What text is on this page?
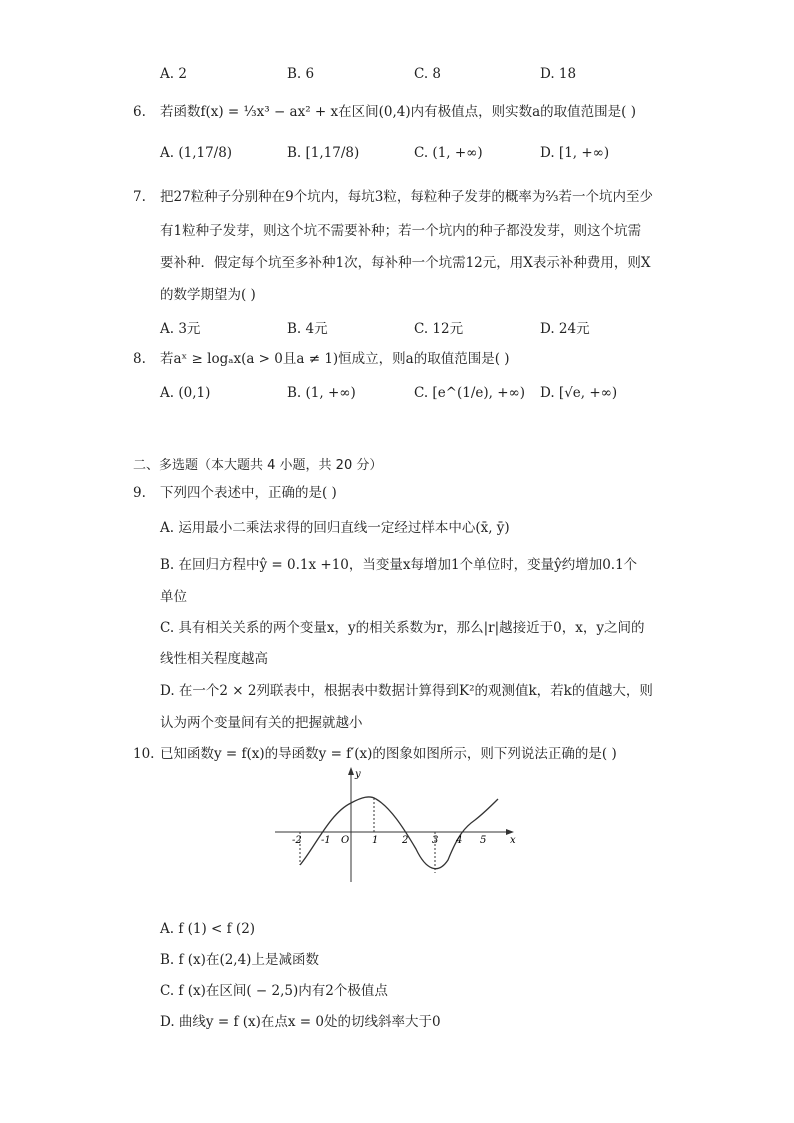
A. 2	B. 6	C. 8	D. 18
6. 若函数f(x) = ⅓x³ − ax² + x在区间(0,4)内有极值点，则实数a的取值范围是( )
A. (1,17/8)	B. [1,17/8)	C. (1, +∞)	D. [1, +∞)
7. 把27粒种子分别种在9个坑内，每坑3粒，每粒种子发芽的概率为⅔若一个坑内至少
有1粒种子发芽，则这个坑不需要补种；若一个坑内的种子都没发芽，则这个坑需
要补种．假定每个坑至多补种1次，每补种一个坑需12元，用X表示补种费用，则X
的数学期望为( )
A. 3元	B. 4元	C. 12元	D. 24元
8. 若aˣ ≥ logₐx(a > 0且a ≠ 1)恒成立，则a的取值范围是( )
A. (0,1)	B. (1, +∞)	C. [e^(1/e), +∞) D. [√e, +∞)
二、多选题（本大题共 4 小题，共 20 分）
9. 下列四个表述中，正确的是( )
A. 运用最小二乘法求得的回归直线一定经过样本中心(x̄, ȳ)
B. 在回归方程中ŷ = 0.1x +10，当变量x每增加1个单位时，变量ŷ约增加0.1个
单位
C. 具有相关关系的两个变量x，y的相关系数为r，那么|r|越接近于0，x，y之间的
线性相关程度越高
D. 在一个2 × 2列联表中，根据表中数据计算得到K²的观测值k，若k的值越大，则
认为两个变量间有关的把握就越小
10. 已知函数y = f(x)的导函数y = f′(x)的图象如图所示，则下列说法正确的是( )
-2 -1 O 1 2 3 4 5 x
y
A. f (1) < f (2)
B. f (x)在(2,4)上是减函数
C. f (x)在区间( − 2,5)内有2个极值点
D. 曲线y = f (x)在点x = 0处的切线斜率大于0
